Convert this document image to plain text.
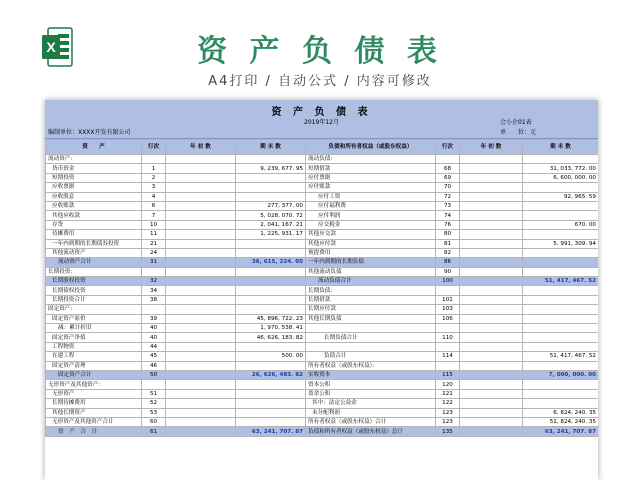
X	资 产 负 债 表
A4打印 / 自动公式 / 内容可修改
资 产 负 债 表
2019年12月
编制单位：XXXX开发有限公司
会小企01表
单　　位：元
资　　产	行次	年 初 数	期 末 数	负债和所有者权益（或股东权益）	行次	年 初 数	期 末 数
流动资产：				流动负债：			
货币资金	1		9, 239, 677. 95	短期借款	68		31, 033, 772. 00
短期投资	2			应付票据	69		6, 600, 000. 00
应收票据	3			应付账款	70		
应收股息	4			应付工资	72		92, 965. 59
应收账款	6		277, 377. 00	应付福利费	73		
其他应收款	7		5, 028, 070. 72	应付利润	74		
存货	10		2, 041, 167. 21	应交税金	76		670. 00
待摊费用	11		1, 225, 931. 17	其他应交款	80		
一年内到期的长期债券投资	21			其他应付款	81		5, 991, 309. 94
其他流动资产	24			预提费用	82		
流动资产合计	31		36, 615, 224. 05	一年内到期的长期负债	86		
长期投资：				其他流动负债	90		
长期股权投资	32			流动负债合计	100		51, 417, 467. 52
长期债权投资	34			长期负债：			
长期投资合计	38			长期借款	101		
固定资产：				长期应付款	103		
固定资产原价	39		45, 896, 722. 23	其他长期负债	106		
减：累计折旧	40		1, 970, 538. 41				
固定资产净值	40		46, 626, 183. 82	长期负债合计	110		
工程物资	44						
在建工程	45		500. 00	负债合计	114		51, 417, 467. 52
固定资产清理	46			所有者权益（或股东权益）：			
固定资产合计	50		26, 626, 483. 82	实收资本	115		7, 000, 000. 00
无形资产及其他资产：				资本公积	120		
无形资产	51			盈余公积	121		
长期待摊费用	52			其中：法定公益金	122		
其他长期资产	53			未分配利润	123		6, 824, 240. 35
无形资产及其他资产合计	60			所有者权益（或股东权益）合计	123		51, 824, 240. 35
资　产　合　计	61		63, 241, 707. 87	负债和所有者权益（或股东权益）总计	135		63, 241, 707. 87
